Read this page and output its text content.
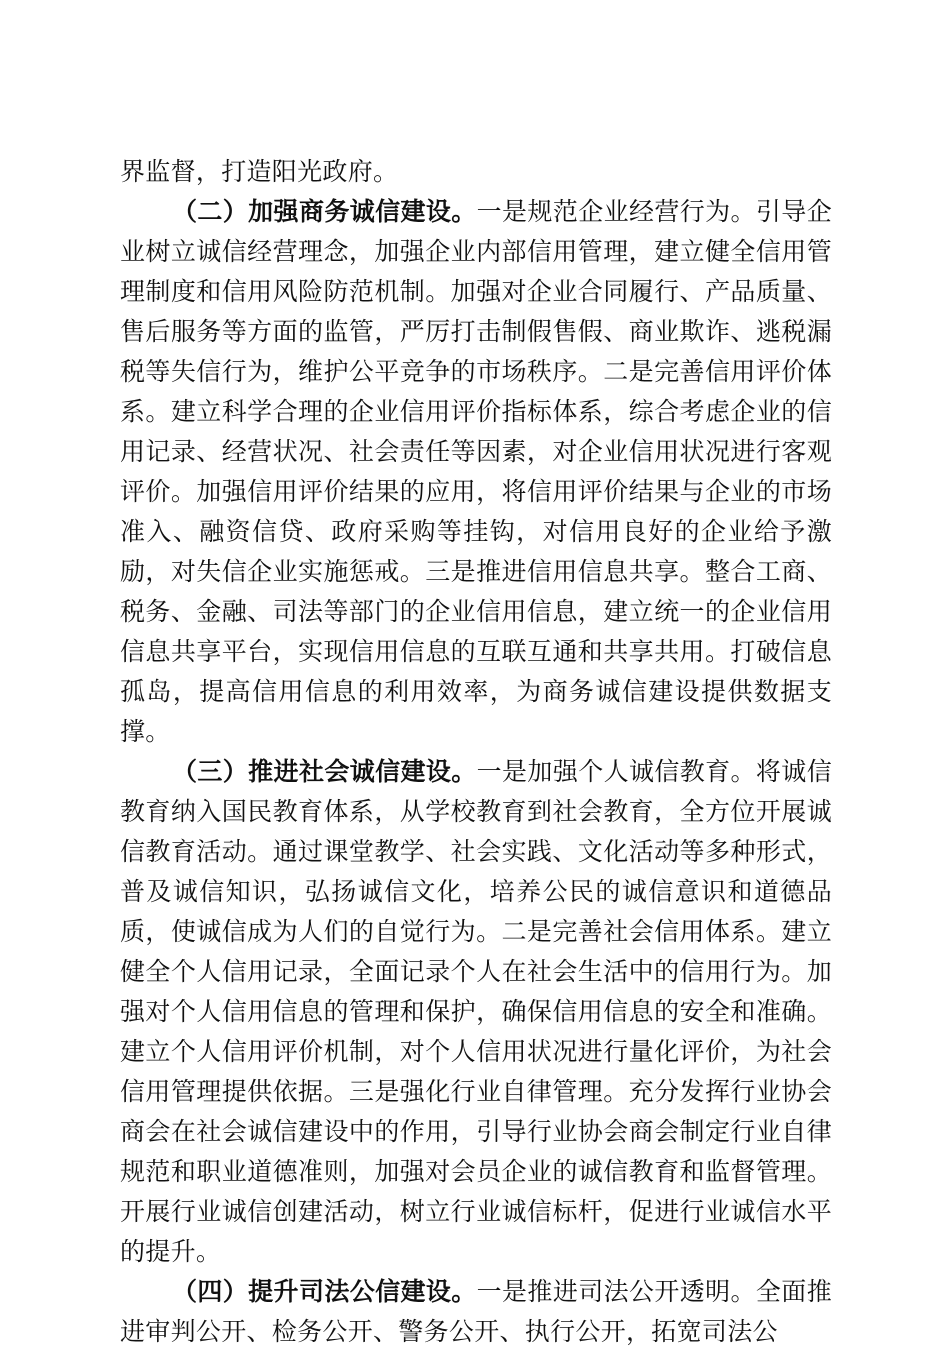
界监督，打造阳光政府。

（二）加强商务诚信建设。一是规范企业经营行为。引导企业树立诚信经营理念，加强企业内部信用管理，建立健全信用管理制度和信用风险防范机制。加强对企业合同履行、产品质量、售后服务等方面的监管，严厉打击制假售假、商业欺诈、逃税漏税等失信行为，维护公平竞争的市场秩序。二是完善信用评价体系。建立科学合理的企业信用评价指标体系，综合考虑企业的信用记录、经营状况、社会责任等因素，对企业信用状况进行客观评价。加强信用评价结果的应用，将信用评价结果与企业的市场准入、融资信贷、政府采购等挂钩，对信用良好的企业给予激励，对失信企业实施惩戒。三是推进信用信息共享。整合工商、税务、金融、司法等部门的企业信用信息，建立统一的企业信用信息共享平台，实现信用信息的互联互通和共享共用。打破信息孤岛，提高信用信息的利用效率，为商务诚信建设提供数据支撑。

（三）推进社会诚信建设。一是加强个人诚信教育。将诚信教育纳入国民教育体系，从学校教育到社会教育，全方位开展诚信教育活动。通过课堂教学、社会实践、文化活动等多种形式，普及诚信知识，弘扬诚信文化，培养公民的诚信意识和道德品质，使诚信成为人们的自觉行为。二是完善社会信用体系。建立健全个人信用记录，全面记录个人在社会生活中的信用行为。加强对个人信用信息的管理和保护，确保信用信息的安全和准确。建立个人信用评价机制，对个人信用状况进行量化评价，为社会信用管理提供依据。三是强化行业自律管理。充分发挥行业协会商会在社会诚信建设中的作用，引导行业协会商会制定行业自律规范和职业道德准则，加强对会员企业的诚信教育和监督管理。开展行业诚信创建活动，树立行业诚信标杆，促进行业诚信水平的提升。

（四）提升司法公信建设。一是推进司法公开透明。全面推进审判公开、检务公开、警务公开、执行公开，拓宽司法公
